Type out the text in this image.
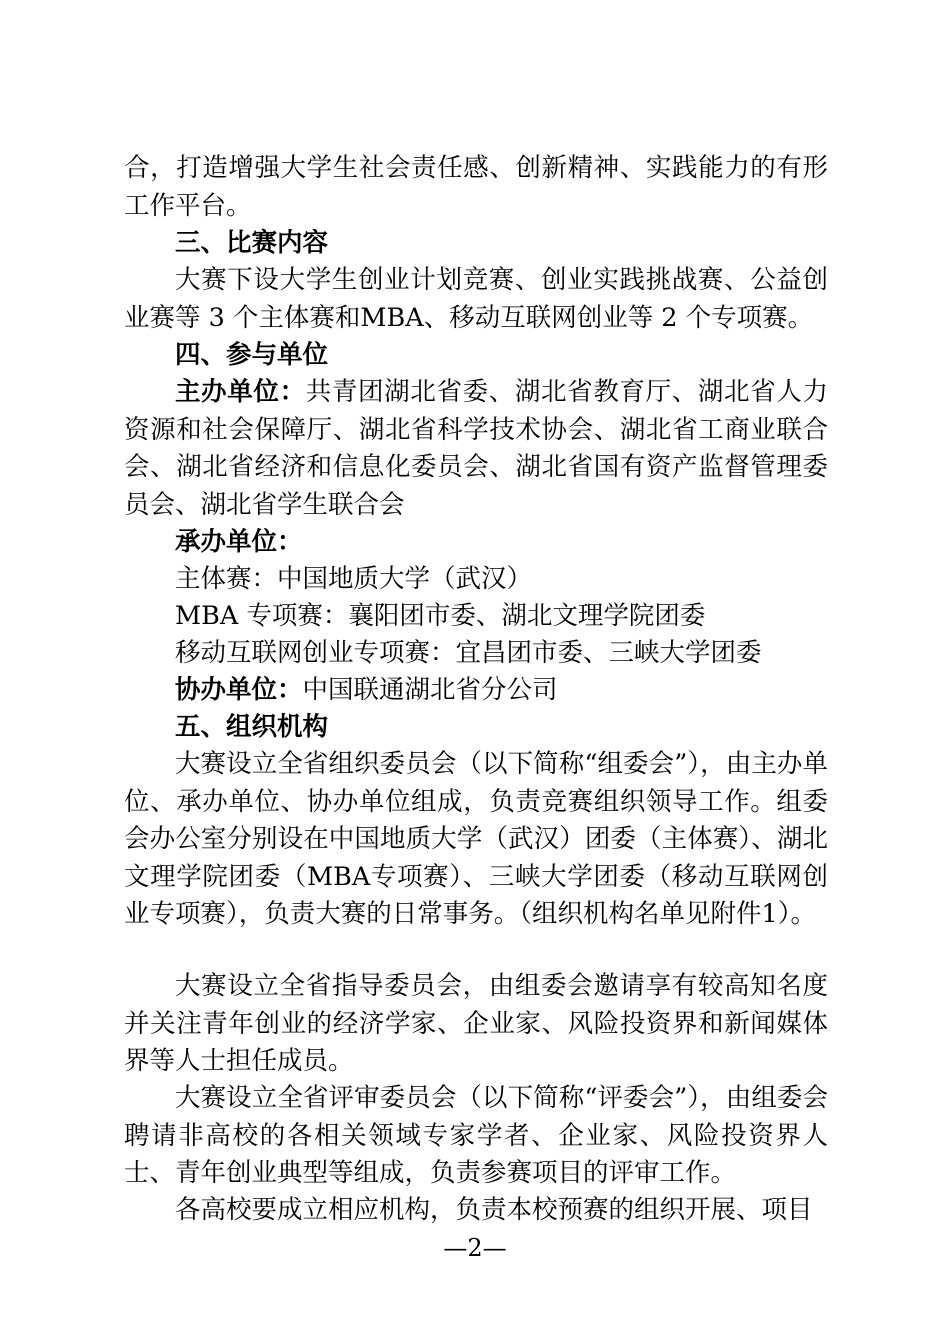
合，打造增强大学生社会责任感、创新精神、实践能力的有形工作平台。

三、比赛内容

大赛下设大学生创业计划竞赛、创业实践挑战赛、公益创业赛等 3 个主体赛和MBA、移动互联网创业等 2 个专项赛。

四、参与单位

主办单位：共青团湖北省委、湖北省教育厅、湖北省人力资源和社会保障厅、湖北省科学技术协会、湖北省工商业联合会、湖北省经济和信息化委员会、湖北省国有资产监督管理委员会、湖北省学生联合会

承办单位：

主体赛：中国地质大学（武汉）

MBA 专项赛：襄阳团市委、湖北文理学院团委

移动互联网创业专项赛：宜昌团市委、三峡大学团委

协办单位：中国联通湖北省分公司

五、组织机构

大赛设立全省组织委员会（以下简称“组委会”），由主办单位、承办单位、协办单位组成，负责竞赛组织领导工作。组委会办公室分别设在中国地质大学（武汉）团委（主体赛）、湖北文理学院团委（MBA专项赛）、三峡大学团委（移动互联网创业专项赛），负责大赛的日常事务。（组织机构名单见附件1）。

大赛设立全省指导委员会，由组委会邀请享有较高知名度并关注青年创业的经济学家、企业家、风险投资界和新闻媒体界等人士担任成员。

大赛设立全省评审委员会（以下简称“评委会”），由组委会聘请非高校的各相关领域专家学者、企业家、风险投资界人士、青年创业典型等组成，负责参赛项目的评审工作。

各高校要成立相应机构，负责本校预赛的组织开展、项目

—2—
